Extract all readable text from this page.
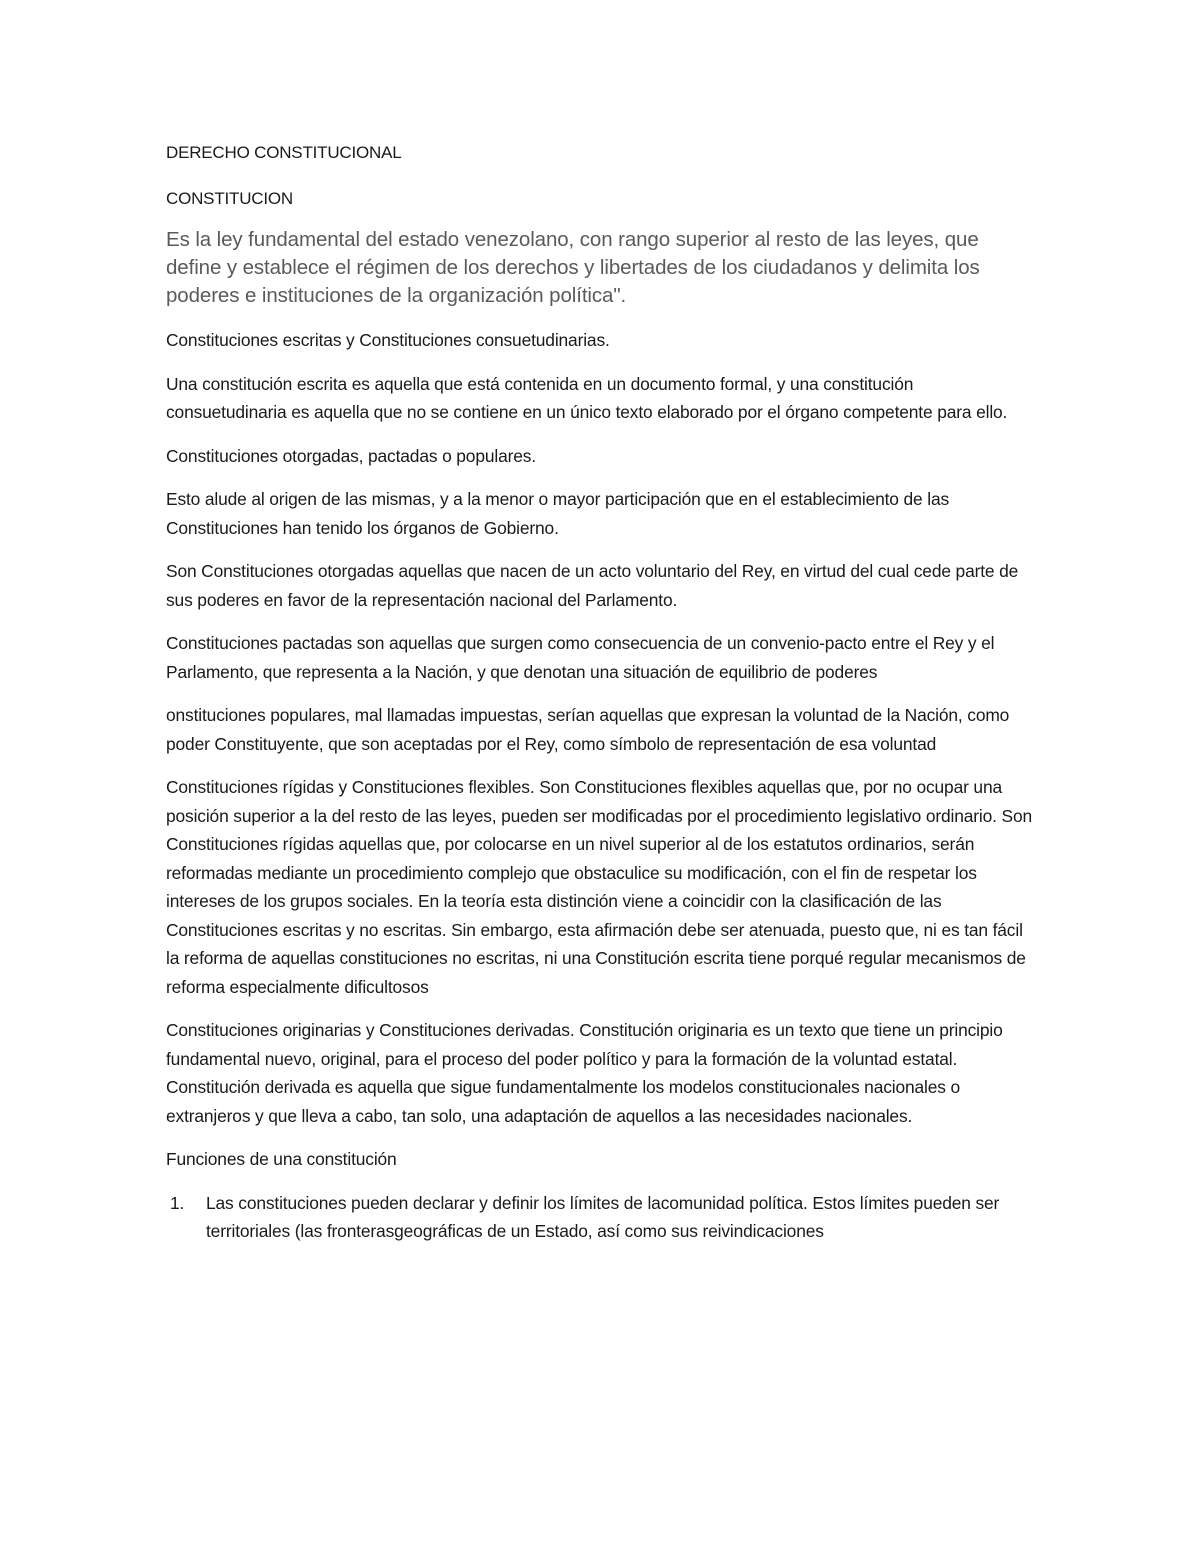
DERECHO CONSTITUCIONAL
CONSTITUCION
Es la ley fundamental del estado venezolano, con rango superior al resto de las leyes, que define y establece el régimen de los derechos y libertades de los ciudadanos y delimita los poderes e instituciones de la organización política".
Constituciones escritas y Constituciones consuetudinarias.
Una constitución escrita es aquella que está contenida en un documento formal, y una constitución consuetudinaria es aquella que no se contiene en un único texto elaborado por el órgano competente para ello.
Constituciones otorgadas, pactadas o populares.
Esto alude al origen de las mismas, y a la menor o mayor participación que en el establecimiento de las Constituciones han tenido los órganos de Gobierno.
Son Constituciones otorgadas aquellas que nacen de un acto voluntario del Rey, en virtud del cual cede parte de sus poderes en favor de la representación nacional del Parlamento.
Constituciones pactadas son aquellas que surgen como consecuencia de un convenio-pacto entre el Rey y el Parlamento, que representa a la Nación, y que denotan una situación de equilibrio de poderes
onstituciones populares, mal llamadas impuestas, serían aquellas que expresan la voluntad de la Nación, como poder Constituyente, que son aceptadas por el Rey, como símbolo de representación de esa voluntad
Constituciones rígidas y Constituciones flexibles. Son Constituciones flexibles aquellas que, por no ocupar una posición superior a la del resto de las leyes, pueden ser modificadas por el procedimiento legislativo ordinario. Son Constituciones rígidas aquellas que, por colocarse en un nivel superior al de los estatutos ordinarios, serán reformadas mediante un procedimiento complejo que obstaculice su modificación, con el fin de respetar los intereses de los grupos sociales. En la teoría esta distinción viene a coincidir con la clasificación de las Constituciones escritas y no escritas. Sin embargo, esta afirmación debe ser atenuada, puesto que, ni es tan fácil la reforma de aquellas constituciones no escritas, ni una Constitución escrita tiene porqué regular mecanismos de reforma especialmente dificultosos
Constituciones originarias y Constituciones derivadas. Constitución originaria es un texto que tiene un principio fundamental nuevo, original, para el proceso del poder político y para la formación de la voluntad estatal. Constitución derivada es aquella que sigue fundamentalmente los modelos constitucionales nacionales o extranjeros y que lleva a cabo, tan solo, una adaptación de aquellos a las necesidades nacionales.
Funciones de una constitución
1. Las constituciones pueden declarar y definir los límites de lacomunidad política. Estos límites pueden ser territoriales (las fronterasgeográficas de un Estado, así como sus reivindicaciones
